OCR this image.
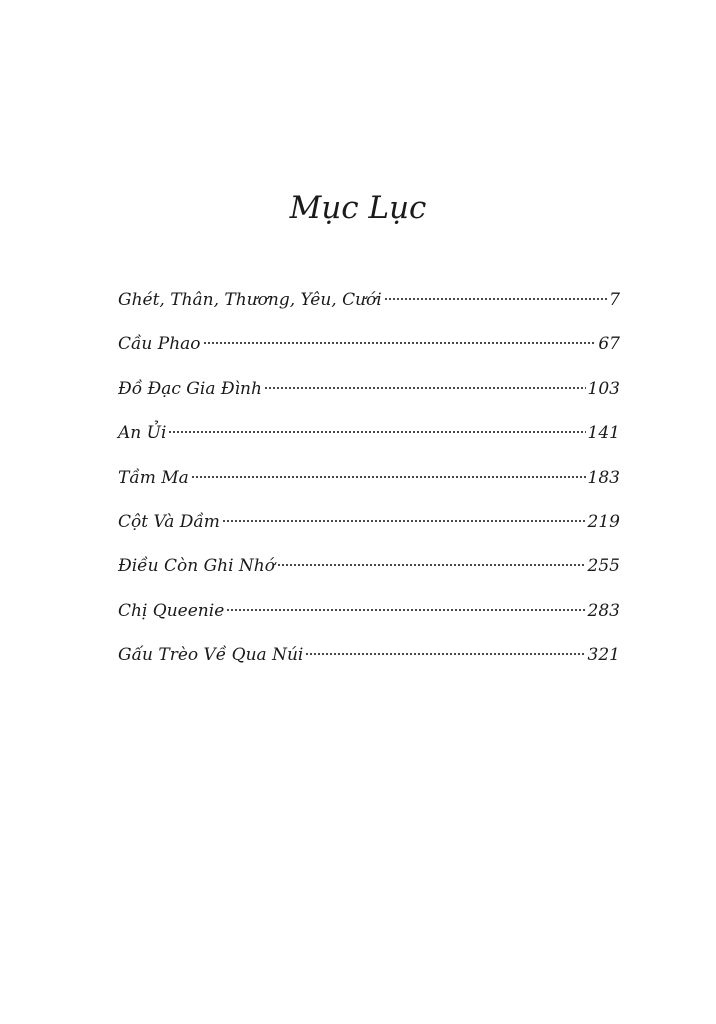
Mục Lục
Ghét, Thân, Thương, Yêu, Cưới	7
Cầu Phao	67
Đồ Đạc Gia Đình	103
An Ủi	141
Tầm Ma	183
Cột Và Dầm	219
Điều Còn Ghi Nhớ	255
Chị Queenie	283
Gấu Trèo Về Qua Núi	321
